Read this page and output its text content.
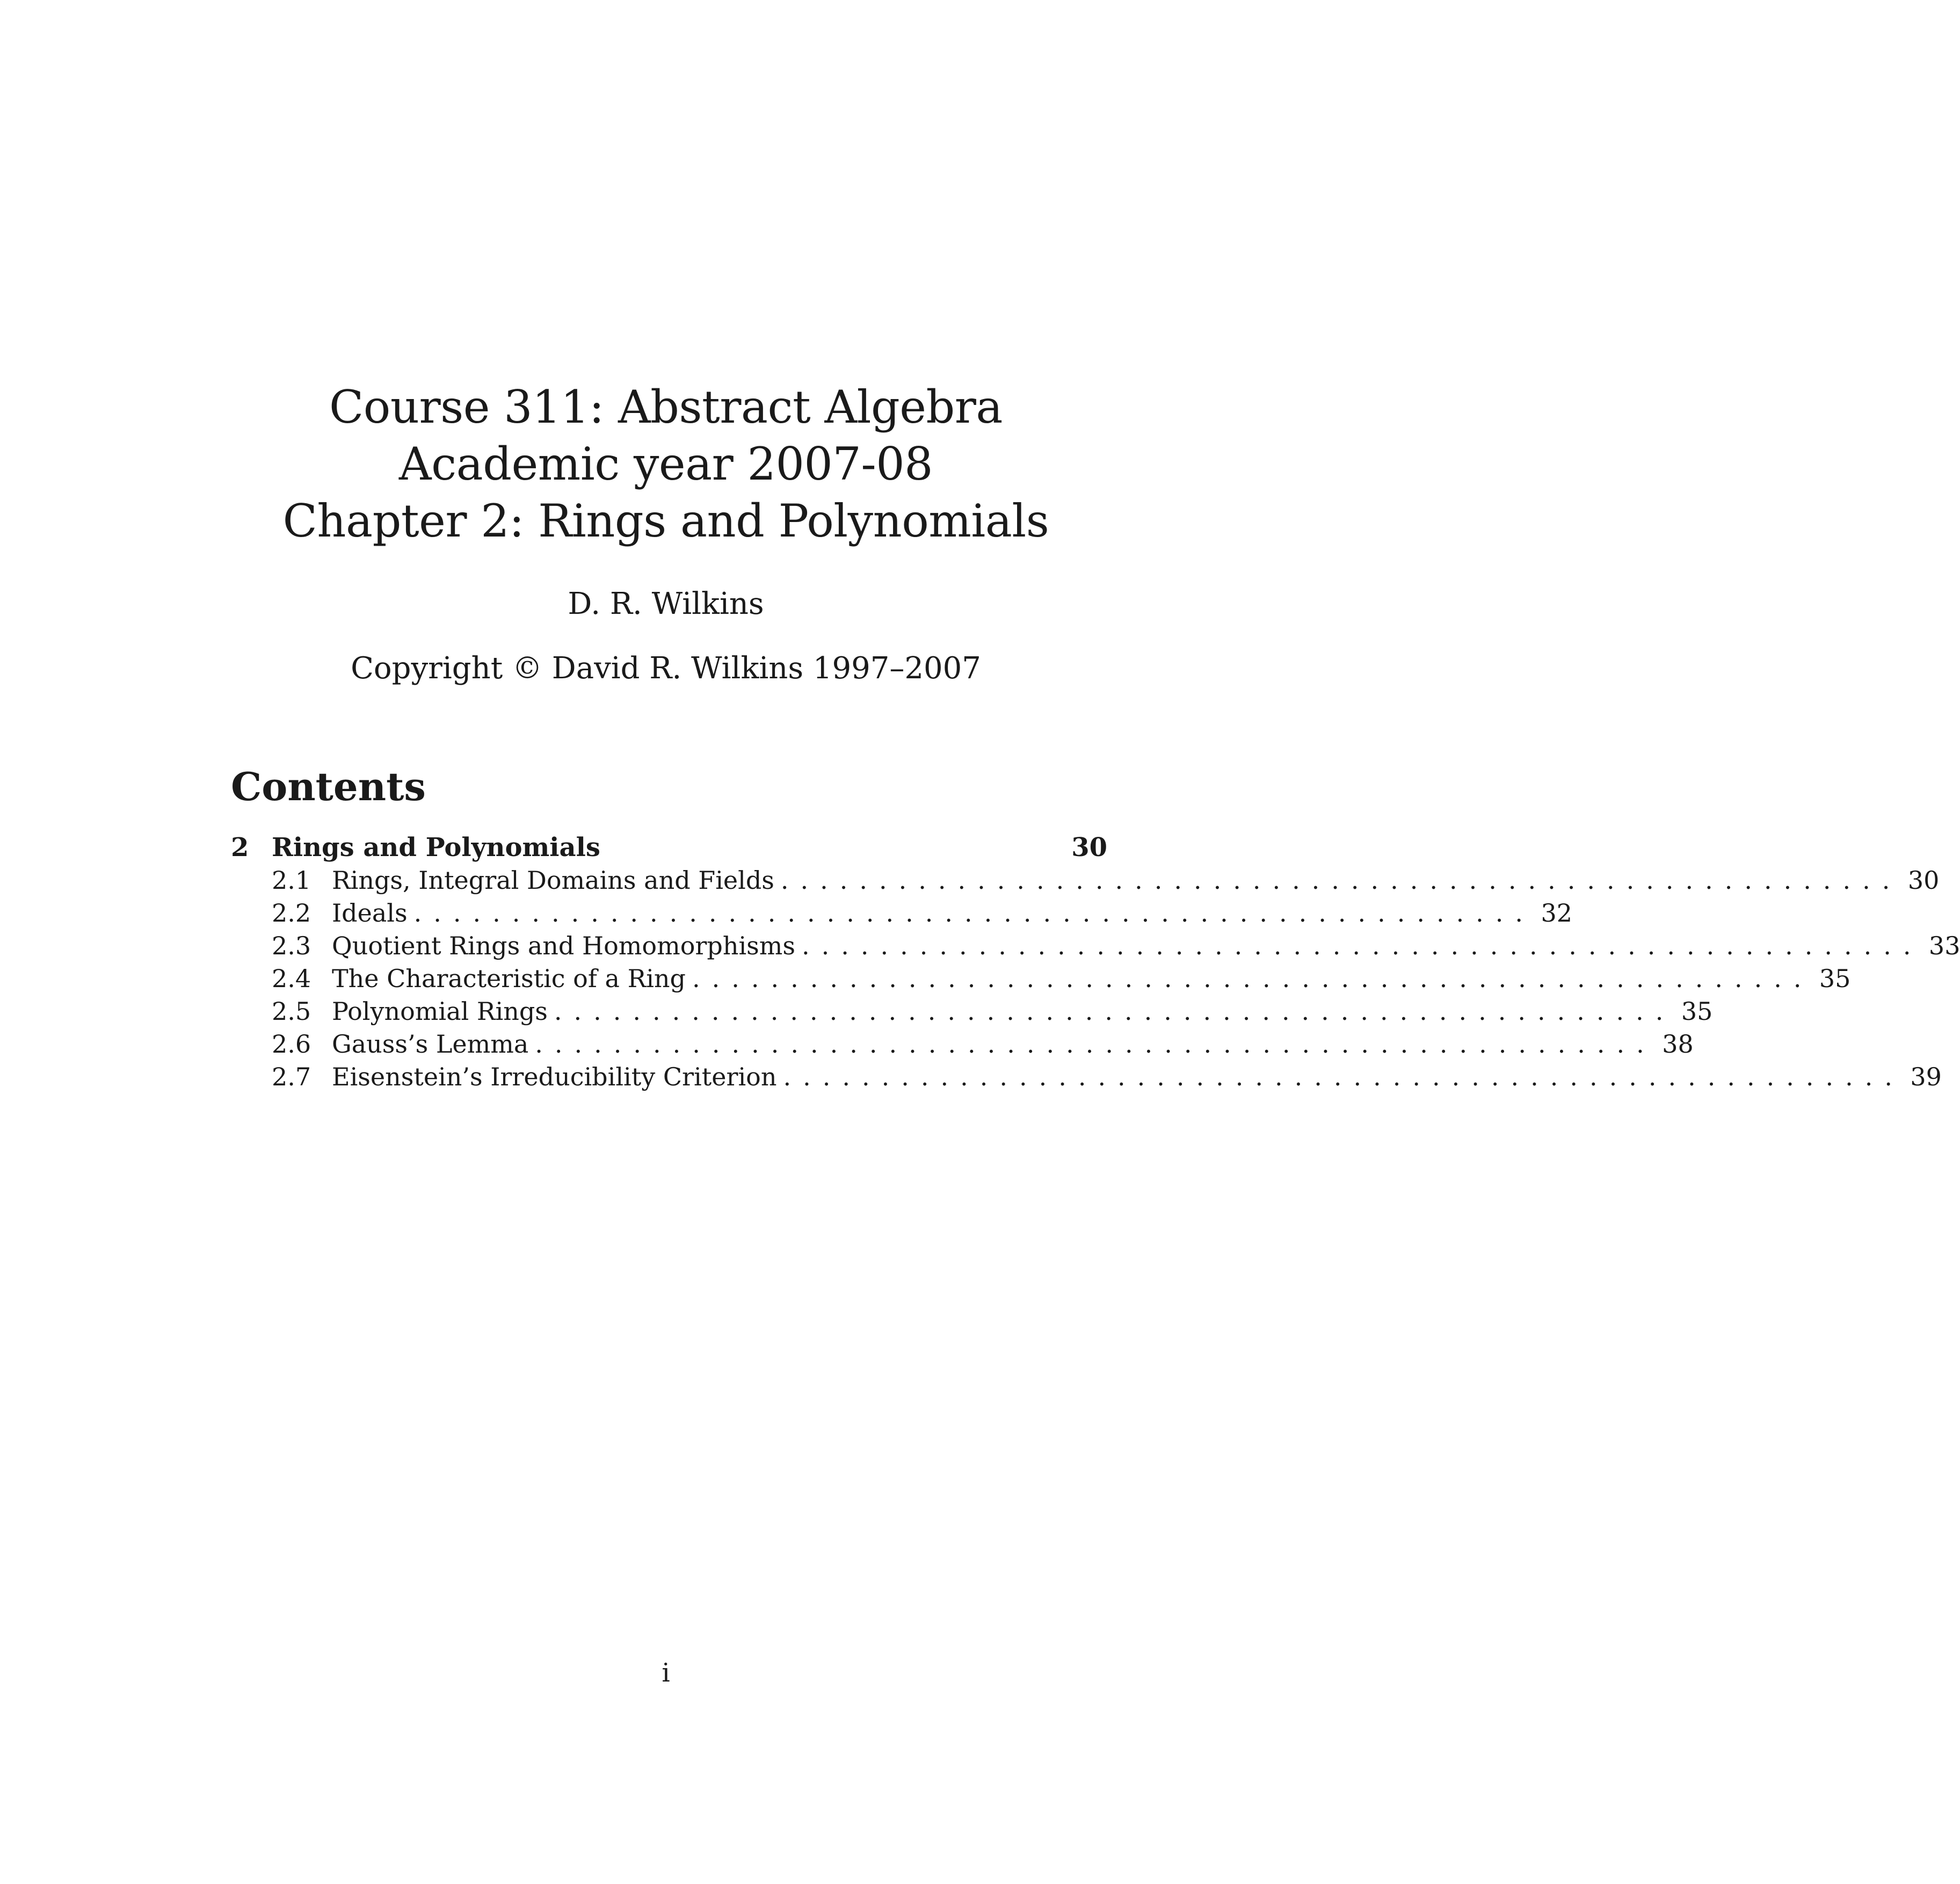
Course 311: Abstract Algebra

Academic year 2007-08

Chapter 2: Rings and Polynomials

D. R. Wilkins
Copyright © David R. Wilkins 1997–2007
Contents
2 Rings and Polynomials	30
2.1 Rings, Integral Domains and Fields ......................................................... 30
2.2 Ideals ......................................................... 32
2.3 Quotient Rings and Homomorphisms ......................................................... 33
2.4 The Characteristic of a Ring ......................................................... 35
2.5 Polynomial Rings ......................................................... 35
2.6 Gauss’s Lemma ......................................................... 38
2.7 Eisenstein’s Irreducibility Criterion ......................................................... 39
i
